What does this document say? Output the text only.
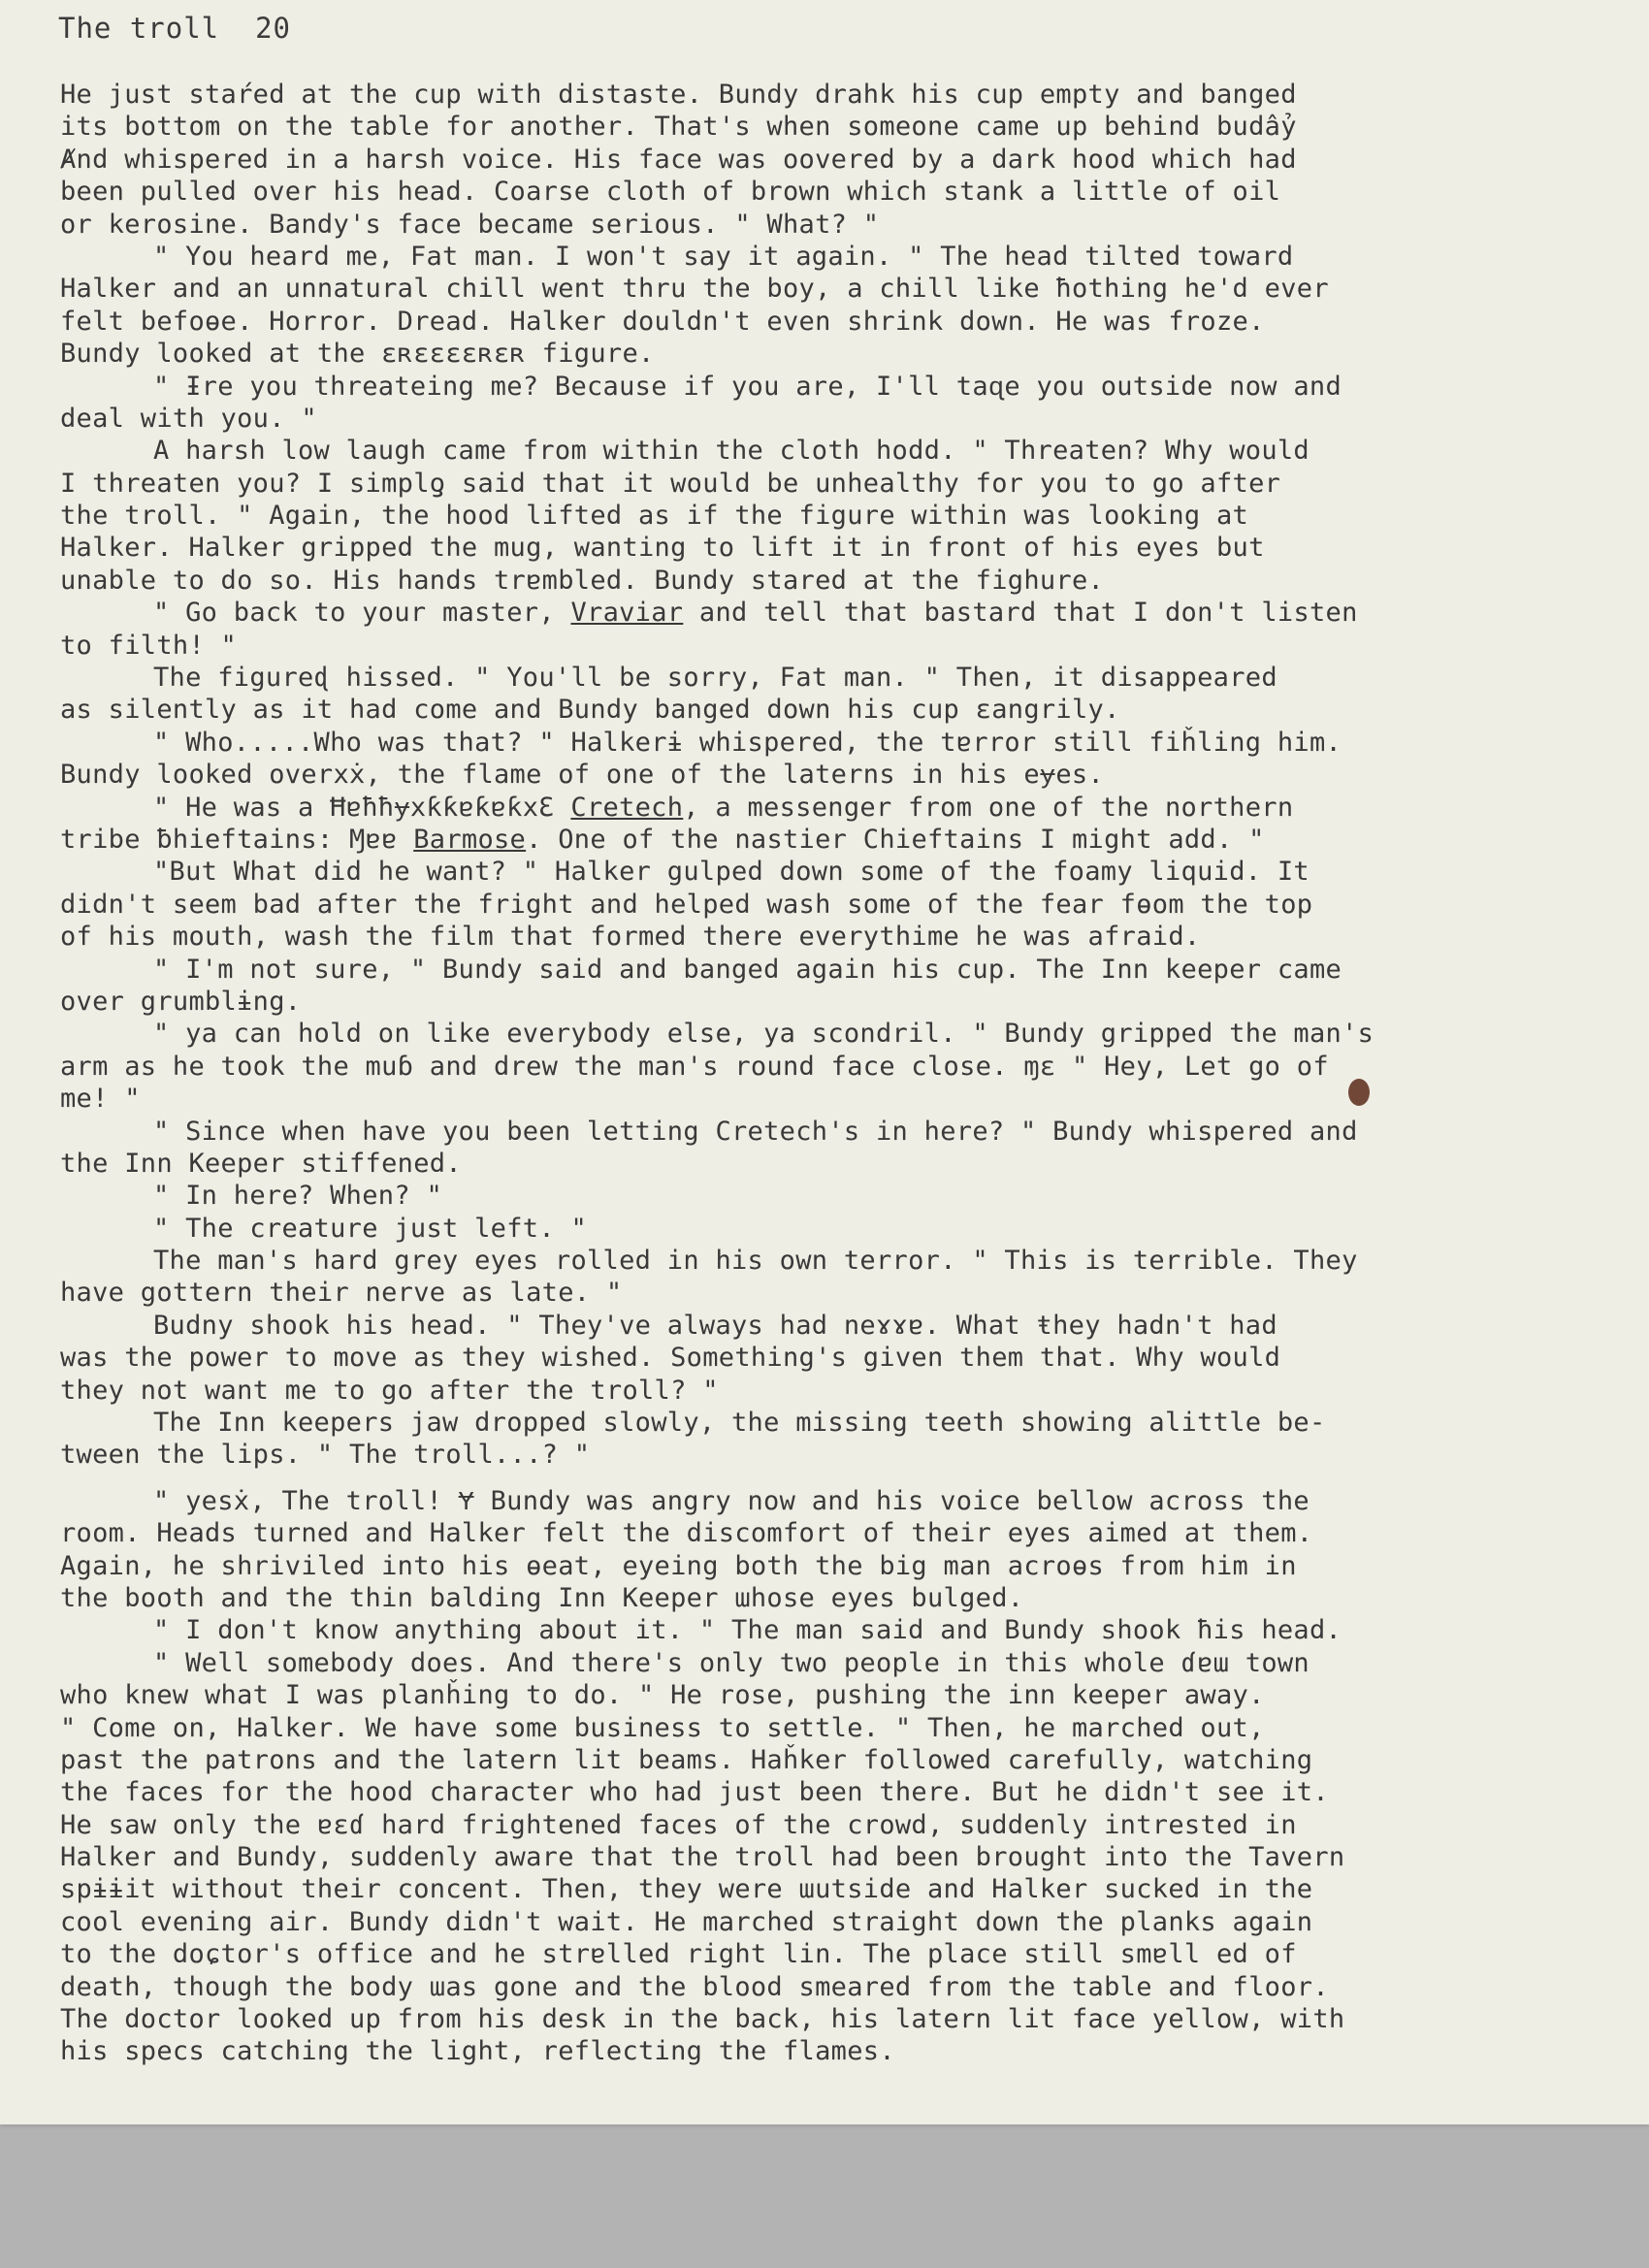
The troll 20
He just staŕed at the cup with distaste. Bundy drahk his cup empty and banged
its bottom on the table for another. That's when someone came up behind budẩy
Ⱥnd whispered in a harsh voice. His face was oovered by a dark hood which had
been pulled over his head. Coarse cloth of brown which stank a little of oil
or kerosine. Bandy's face became serious. " What? "
" You heard me, Fat man. I won't say it again. " The head tilted toward
Halker and an unnatural chill went thru the boy, a chill like ħothing he'd ever
felt befoɵe. Horror. Dread. Halker douldn't even shrink down. He was froze.
Bundy looked at the ɛʀɛɛɛɛʀɛʀ figure.
" Ɨre you threateing me? Because if you are, I'll taɋe you outside now and
deal with you. "
A harsh low laugh came from within the cloth hodd. " Threaten? Why would
I threaten you? I simplƍ said that it would be unhealthy for you to go after
the troll. " Again, the hood lifted as if the figure within was looking at
Halker. Halker gripped the mug, wanting to lift it in front of his eyes but
unable to do so. His hands trɐmbled. Bundy stared at the fighure.
" Go back to your master, Vraviar and tell that bastard that I don't listen
to filth! "
The figureɖ hissed. " You'll be sorry, Fat man. " Then, it disappeared
as silently as it had come and Bundy banged down his cup ɛangrily.
" Who.....Who was that? " Halkerɨ whispered, the tɐrror still fiȟling him.
Bundy looked overxẋ, the flame of one of the laterns in his eɏes.
" He was a ĦɐħħɏxƙƙɐƙɐƙxƐ Cretech, a messenger from one of the northern
tribe ƀhieftains: Ɱɐɐ Barmose. One of the nastier Chieftains I might add. "
"But What did he want? " Halker gulped down some of the foamy liquid. It
didn't seem bad after the fright and helped wash some of the fear fɵom the top
of his mouth, wash the film that formed there everythime he was afraid.
" I'm not sure, " Bundy said and banged again his cup. The Inn keeper came
over grumblɨng.
" ya can hold on like everybody else, ya scondril. " Bundy gripped the man's
arm as he took the muɓ and drew the man's round face close. ɱɛ " Hey, Let go of
me! "
" Since when have you been letting Cretech's in here? " Bundy whispered and
the Inn Keeper stiffened.
" In here? When? "
" The creature just left. "
The man's hard grey eyes rolled in his own terror. " This is terrible. They
have gottern their nerve as late. "
Budny shook his head. " They've always had neɤɤɐ. What ŧhey hadn't had
was the power to move as they wished. Something's given them that. Why would
they not want me to go after the troll? "
The Inn keepers jaw dropped slowly, the missing teeth showing alittle be-
tween the lips. " The troll...? "
" yesẋ, The troll! Ɏ Bundy was angry now and his voice bellow across the
room. Heads turned and Halker felt the discomfort of their eyes aimed at them.
Again, he shriviled into his ɵeat, eyeing both the big man acroɵs from him in
the booth and the thin balding Inn Keeper ɯhose eyes bulged.
" I don't know anything about it. " The man said and Bundy shook ħis head.
" Well somebody does. And there's only two people in this whole ɗɐɯ town
who knew what I was planȟing to do. " He rose, pushing the inn keeper away.
" Come on, Halker. We have some business to settle. " Then, he marched out,
past the patrons and the latern lit beams. Haȟker followed carefully, watching
the faces for the hood character who had just been there. But he didn't see it.
He saw only the ɐɛɗ hard frightened faces of the crowd, suddenly intrested in
Halker and Bundy, suddenly aware that the troll had been brought into the Tavern
spɨɨit without their concent. Then, they were ɯutside and Halker sucked in the
cool evening air. Bundy didn't wait. He marched straight down the planks again
to the doɕtor's office and he strɐlled right lin. The place still smɐll ed of
death, though the body ɯas gone and the blood smeared from the table and floor.
The doctor looked up from his desk in the back, his latern lit face yellow, with
his specs catching the light, reflecting the flames.
